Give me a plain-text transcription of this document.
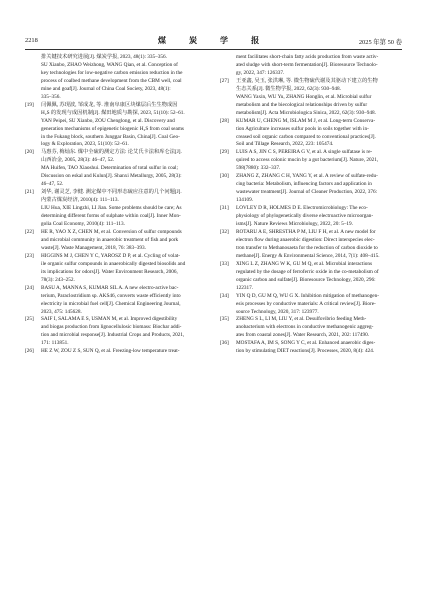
2218	煤 炭 学 报	2025 年第 50 卷

排关键技术研究进展[J]. 煤炭学报, 2023, 48(1): 335–356.
SU Xianbo, ZHAO Weizhong, WANG Qian, et al. Conception of
key technologies for low-negative carbon emission reduction in the
process of coalbed methane development from the CBM well, coal
mine and goaf[J]. Journal of China Coal Society, 2023, 48(1):
335–356.

[19] 闫佩佩, 苏现波, 邹成龙, 等. 淮南阜康区块煤层后生生物成因
H₂S 的发现与成因机制[J]. 煤田地质与勘探, 2023, 51(10): 52–61.
YAN Peipei, SU Xianbo, ZOU Chenglong, et al. Discovery and
generation mechanisms of epigenetic biogenic H₂S from coal seams
in the Fukang block, southern Junggar Basin, China[J]. Coal Geo-
logy & Exploration, 2023, 51(10): 52–61.
[20] 马惠芬, 梅灿东. 煤中全硫的测定方法: 论艾氏卡法和库仑法[J].
山西冶金, 2005, 28(3): 46–47, 52.
MA Huifen, TAO Xiaoshui. Determination of total sulfur in coal;
Discussion on eskal and Kulun[J]. Shanxi Metallurgy, 2005, 28(3):
46–47, 52.
[21] 刘华, 谢灵芝, 李健. 测定煤中不同形态硫应注意的几个问题[J].
内蒙古煤炭经济, 2010(4): 111–113.
LIU Hua, XIE Lingzhi, LI Jian. Some problems should be care; As
determining different forms of sulphate within coal[J]. Inner Mon-
golia Coal Economy, 2010(4): 111–113.
[22] HE R, YAO X Z, CHEN M, et al. Conversion of sulfur compounds
and microbial community in anaerobic treatment of fish and pork
waste[J]. Waste Management, 2018, 76: 383–393.
[23] HIGGINS M J, CHEN Y C, YAROSZ D P, et al. Cycling of volat-
ile organic sulfur compounds in anaerobically digested biosolids and
its implications for odors[J]. Water Environment Research, 2006,
78(3): 243–252.
[24] BASU A, MANNA S, KUMAR SIL A. A new electro-active bac-
terium, Paraclostridium sp. AKS46, converts waste efficiently into
electricity in microbial fuel cell[J]. Chemical Engineering Journal,
2023, 475: 145628.
[25] SAIF I, SALAMA E S, USMAN M, et al. Improved digestibility
and biogas production from lignocellulosic biomass: Biochar addi-
tion and microbial response[J]. Industrial Crops and Products, 2021,
171: 113851.
[26] HE Z W, ZOU Z S, SUN Q, et al. Freezing-low temperature treat-

ment facilitates short-chain fatty acids production from waste activ-
ated sludge with short-term fermentation[J]. Bioresource Technolo-
gy, 2022, 347: 126337.

[27] 王亚鑫, 吴玉, 张洪琳, 等. 微生物硫代谢及其驱动下建立的生物
生态关系[J]. 微生物学报, 2022, 62(3): 930–948.
WANG Yaxin, WU Yu, ZHANG Honglin, et al. Microbial sulfur
metabolism and the biecological relationships driven by sulfur
metabolism[J]. Acta Microbiologica Sinica, 2022, 62(3): 930–948.
[28] KUMAR U, CHENG M, ISLAM M J, et al. Long-term Conserva-
tion Agriculture increases sulfur pools in soils together with in-
creased soil organic carbon compared to conventional practices[J].
Soil and Tillage Research, 2022, 223: 105474.
[29] LUIS A S, JIN C S, PEREIRA G V, et al. A single sulfatase is re-
quired to access colonic mucin by a gut bacterium[J]. Nature, 2021,
598(7880): 332–337.
[30] ZHANG Z, ZHANG C H, YANG Y, et al. A review of sulfate-redu-
cing bacteria: Metabolism, influencing factors and application in
wastewater treatment[J]. Journal of Cleaner Production, 2022, 376:
134109.
[31] LOVLEY D R, HOLMES D E. Electromicrobiology: The eco-
physiology of phylogenetically diverse electroactive microorgan-
isms[J]. Nature Reviews Microbiology, 2022, 20: 5–19.
[32] ROTARU A E, SHRESTHA P M, LIU F H, et al. A new model for
electron flow during anaerobic digestion: Direct interspecies elec-
tron transfer to Methanosaeta for the reduction of carbon dioxide to
methane[J]. Energy & Environmental Science, 2014, 7(1): 408–415.
[33] XING L Z, ZHANG W K, GU M Q, et al. Microbial interactions
regulated by the dosage of ferroferric oxide in the co-metabolism of
organic carbon and sulfate[J]. Bioresource Technology, 2020, 296:
122317.
[34] YIN Q D, GU M Q, WU G X. Inhibition mitigation of methanogen-
esis processes by conductive materials: A critical review[J]. Biore-
source Technology, 2020, 317: 123977.
[35] ZHENG S L, LI M, LIU Y, et al. Desulfovibrio feeding Meth-
anobacterium with electrons in conductive methanogenic aggreg-
ates from coastal zones[J]. Water Research, 2021, 202: 117490.
[36] MOSTAFA A, IM S, SONG Y C, et al. Enhanced anaerobic diges-
tion by stimulating DIET reactions[J]. Processes, 2020, 8(4): 424.
